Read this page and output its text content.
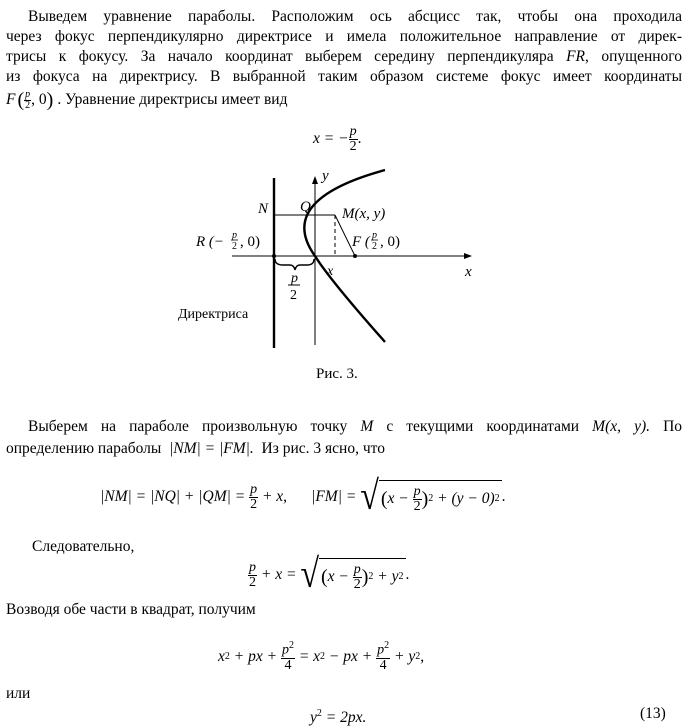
Выведем уравнение параболы. Расположим ось абсцисс так, чтобы она проходила
через фокус перпендикулярно директрисе и имела положительное направление от дирек-
трисы к фокусу. За начало координат выберем середину перпендикуляра FR, опущенного
из фокуса на директрису. В выбранной таким образом системе фокус имеет координаты
F ( $\frac{p}{2}$ , 0 ) . Уравнение директрисы имеет вид
x = − $\frac{p}{2}$ .
y
x
x
N Q M(x, y)
R (− p
2 , 0)	F ( p
2 , 0)
p
2
Директриса
Рис. 3.
Выберем на параболе произвольную точку M с текущими координатами M(x, y). По
определению параболы |NM| = |FM|. Из рис. 3 ясно, что
|NM| = |NQ| + |QM| =
$\frac{p}{2}$
+ x, |FM| =
√ ( x −
$\frac{p}{2}$ ) 2
+ (y − 0) 2 .
Следовательно,
$\frac{p}{2}$
+ x =
√ ( x −
$\frac{p}{2}$ ) 2
+ y 2 .
Возводя обе части в квадрат, получим
x 2
+ px +
$\frac{p^2}{4}$
= x 2
− px +
$\frac{p^2}{4}$
+ y 2 ,
или
$y^2 = 2px$.	(13)
